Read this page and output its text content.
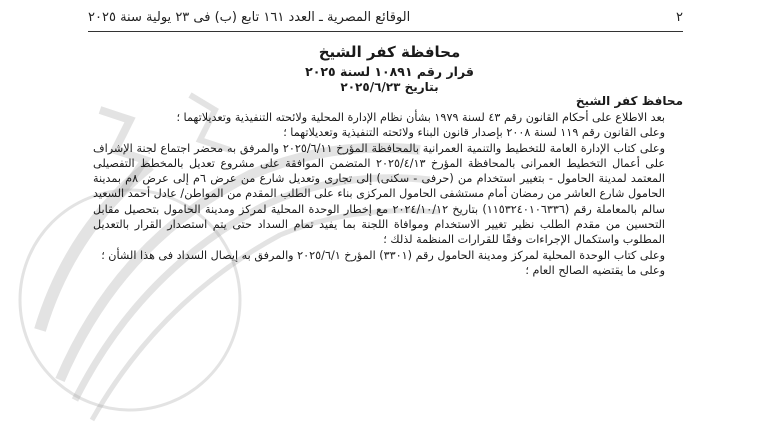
٢
الوقائع المصرية ـ العدد ١٦١ تابع (ب) فى ٢٣ يولية سنة ٢٠٢٥
محافظة كفر الشيخ
قرار رقم ١٠٨٩١ لسنة ٢٠٢٥
بتاريخ ٢٠٢٥/٦/٢٣
محافظ كفر الشيخ

بعد الاطلاع على أحكام القانون رقم ٤٣ لسنة ١٩٧٩ بشأن نظام الإدارة المحلية ولائحته التنفيذية وتعديلاتهما ؛

وعلى القانون رقم ١١٩ لسنة ٢٠٠٨ بإصدار قانون البناء ولائحته التنفيذية وتعديلاتهما ؛

وعلى كتاب الإدارة العامة للتخطيط والتنمية العمرانية بالمحافظة المؤرخ ٢٠٢٥/٦/١١ والمرفق به محضر اجتماع لجنة الإشراف على أعمال التخطيط العمرانى بالمحافظة المؤرخ ٢٠٢٥/٤/١٣ المتضمن الموافقة على مشروع تعديل بالمخطط التفصيلى المعتمد لمدينة الحامول - بتغيير استخدام من (حرفى - سكنى) إلى تجارى وتعديل شارع من عرض ٦م إلى عرض ٨م بمدينة الحامول شارع العاشر من رمضان أمام مستشفى الحامول المركزى بناء على الطلب المقدم من المواطن/ عادل أحمد السعيد سالم بالمعاملة رقم (١١٥٣٢٤٠١٠٦٣٣٦) بتاريخ ٢٠٢٤/١٠/١٢ مع إخطار الوحدة المحلية لمركز ومدينة الحامول بتحصيل مقابل التحسين من مقدم الطلب نظير تغيير الاستخدام وموافاة اللجنة بما يفيد تمام السداد حتى يتم استصدار القرار بالتعديل المطلوب واستكمال الإجراءات وفقًا للقرارات المنظمة لذلك ؛

وعلى كتاب الوحدة المحلية لمركز ومدينة الحامول رقم (٣٣٠١) المؤرخ ٢٠٢٥/٦/١ والمرفق به إيصال السداد فى هذا الشأن ؛

وعلى ما يقتضيه الصالح العام ؛
